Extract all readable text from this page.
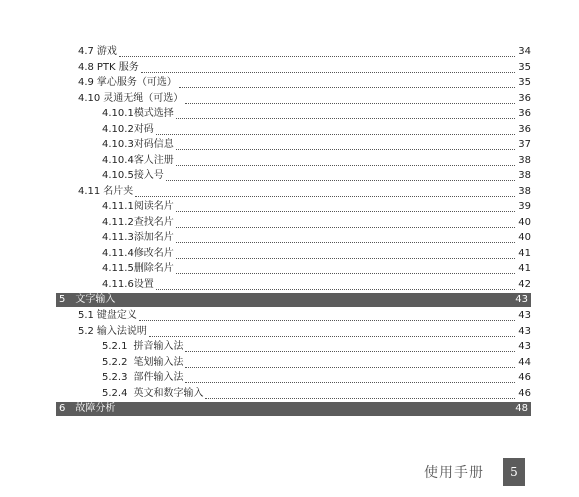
4.7 游戏	34
4.8 PTK 服务	35
4.9 掌心服务（可选）	35
4.10 灵通无绳（可选）	36
4.10.1 模式选择	36
4.10.2 对码	36
4.10.3 对码信息	37
4.10.4 客人注册	38
4.10.5 接入号	38
4.11 名片夹	38
4.11.1 阅读名片	39
4.11.2 查找名片	40
4.11.3 添加名片	40
4.11.4 修改名片	41
4.11.5 删除名片	41
4.11.6 设置	42
5 文字输入	43
5.1 键盘定义	43
5.2 输入法说明	43
5.2.1 拼音输入法	43
5.2.2 笔划输入法	44
5.2.3 部件输入法	46
5.2.4 英文和数字输入	46
6 故障分析	48
使用手册	5
